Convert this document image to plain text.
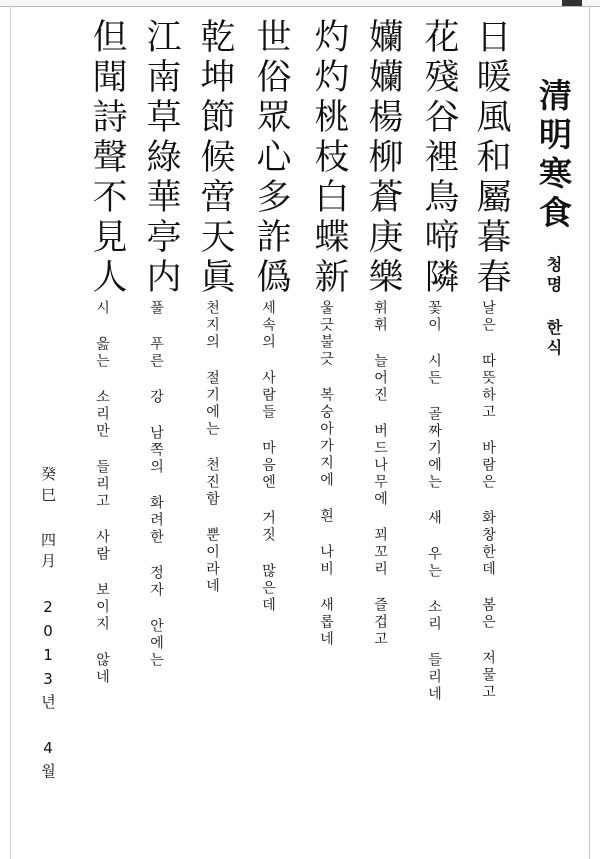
清明寒食
청명 한식
日暖風和屬暮春
花殘谷裡鳥啼隣
孏孏楊柳蒼庚樂
灼灼桃枝白蝶新
世俗眾心多詐僞
乾坤節候啻天眞
江南草綠華亭内
但聞詩聲不見人
날은 따뜻하고 바람은 화창한데 봄은 저물고
꽃이 시든 골짜기에는 새 우는 소리 들리네
휘휘 늘어진 버드나무에 꾀꼬리 즐겁고
울긋불긋 복숭아가지에 흰 나비 새롭네
세속의 사람들 마음엔 거짓 많은데
천지의 절기에는 천진함 뿐이라네
풀 푸른 강 남쪽의 화려한 정자 안에는
시 읊는 소리만 들리고 사람 보이지 않네
癸巳 四月 2013년 4월
